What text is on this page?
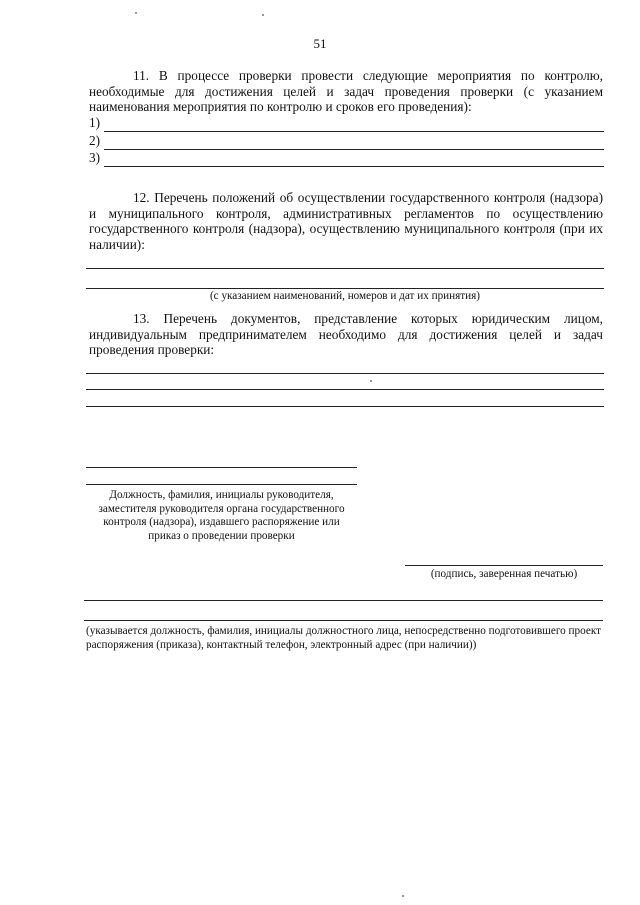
51
11. В процессе проверки провести следующие мероприятия по контролю, необходимые для достижения целей и задач проведения проверки (с указанием наименования мероприятия по контролю и сроков его проведения):
1)
2)
3)
12. Перечень положений об осуществлении государственного контроля (надзора) и муниципального контроля, административных регламентов по осуществлению государственного контроля (надзора), осуществлению муниципального контроля (при их наличии):
(с указанием наименований, номеров и дат их принятия)
13. Перечень документов, представление которых юридическим лицом, индивидуальным предпринимателем необходимо для достижения целей и задач проведения проверки:
Должность, фамилия, инициалы руководителя, заместителя руководителя органа государственного контроля (надзора), издавшего распоряжение или приказ о проведении проверки
(подпись, заверенная печатью)
(указывается должность, фамилия, инициалы должностного лица, непосредственно подготовившего проект распоряжения (приказа), контактный телефон, электронный адрес (при наличии))
